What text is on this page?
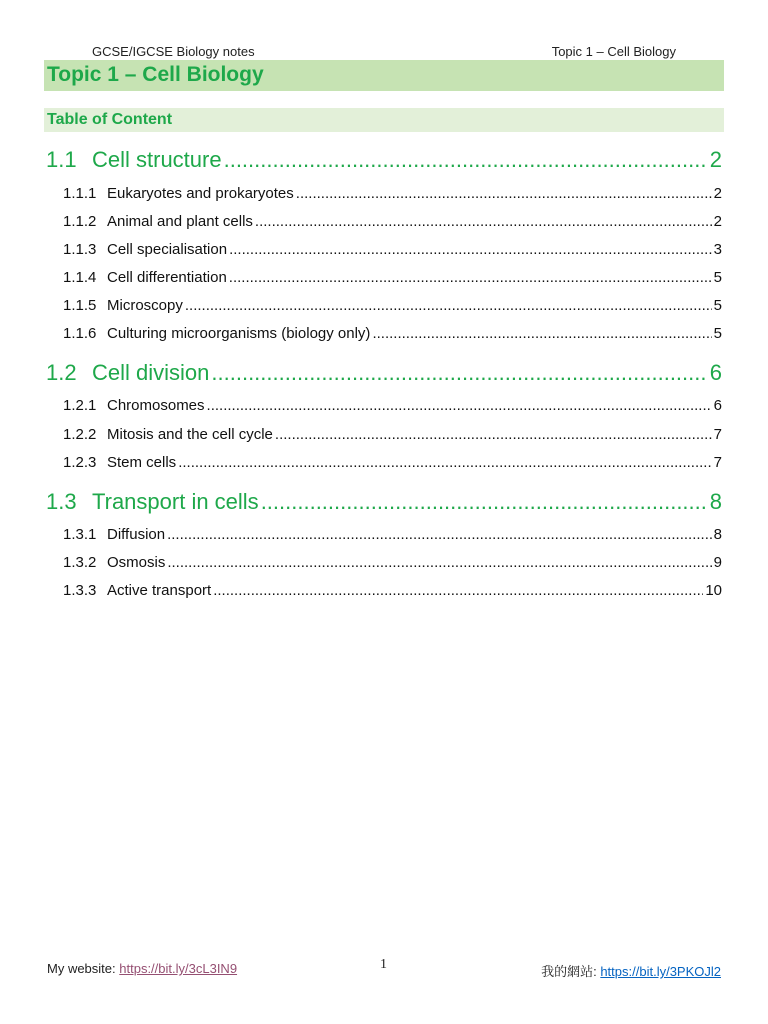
GCSE/IGCSE Biology notes	Topic 1 – Cell Biology
Topic 1 – Cell Biology
Table of Content
1.1 Cell structure .....	2
1.1.1 Eukaryotes and prokaryotes .....	2
1.1.2 Animal and plant cells .....	2
1.1.3 Cell specialisation .....	3
1.1.4 Cell differentiation .....	5
1.1.5 Microscopy .....	5
1.1.6 Culturing microorganisms (biology only) .....	5
1.2 Cell division .....	6
1.2.1 Chromosomes .....	6
1.2.2 Mitosis and the cell cycle .....	7
1.2.3 Stem cells .....	7
1.3 Transport in cells .....	8
1.3.1 Diffusion .....	8
1.3.2 Osmosis .....	9
1.3.3 Active transport .....	10
My website: https://bit.ly/3cL3IN9	1	我的網站: https://bit.ly/3PKOJl2
